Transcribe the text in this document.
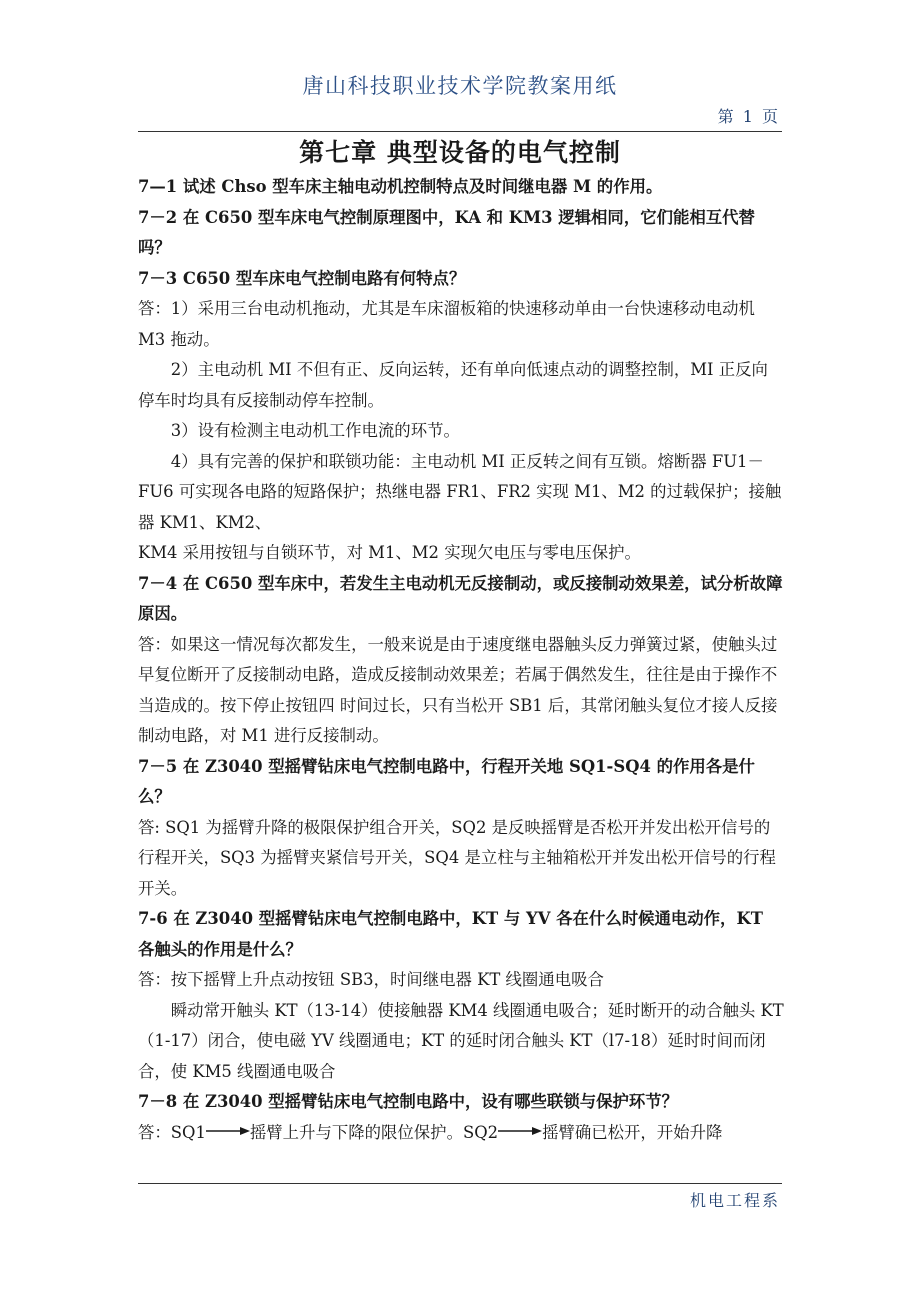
唐山科技职业技术学院教案用纸
第 1 页
第七章 典型设备的电气控制

7—1 试述 Chso 型车床主轴电动机控制特点及时间继电器 M 的作用。

7－2 在 C650 型车床电气控制原理图中，KA 和 KM3 逻辑相同，它们能相互代替吗？

7－3 C650 型车床电气控制电路有何特点？

答：1）采用三台电动机拖动，尤其是车床溜板箱的快速移动单由一台快速移动电动机 M3 拖动。

2）主电动机 MI 不但有正、反向运转，还有单向低速点动的调整控制，MI 正反向停车时均具有反接制动停车控制。

3）设有检测主电动机工作电流的环节。

4）具有完善的保护和联锁功能：主电动机 MI 正反转之间有互锁。熔断器 FU1－FU6 可实现各电路的短路保护；热继电器 FR1、FR2 实现 M1、M2 的过载保护；接触器 KM1、KM2、

KM4 采用按钮与自锁环节，对 M1、M2 实现欠电压与零电压保护。

7－4 在 C650 型车床中，若发生主电动机无反接制动，或反接制动效果差，试分析故障原因。

答：如果这一情况每次都发生，一般来说是由于速度继电器触头反力弹簧过紧，使触头过早复位断开了反接制动电路，造成反接制动效果差；若属于偶然发生，往往是由于操作不当造成的。按下停止按钮四 时间过长，只有当松开 SB1 后，其常闭触头复位才接人反接制动电路，对 M1 进行反接制动。

7－5 在 Z3040 型摇臂钻床电气控制电路中，行程开关地 SQ1-SQ4 的作用各是什么？

答: SQ1 为摇臂升降的极限保护组合开关，SQ2 是反映摇臂是否松开并发出松开信号的行程开关，SQ3 为摇臂夹紧信号开关，SQ4 是立柱与主轴箱松开并发出松开信号的行程开关。

7-6 在 Z3040 型摇臂钻床电气控制电路中，KT 与 YV 各在什么时候通电动作，KT 各触头的作用是什么？

答：按下摇臂上升点动按钮 SB3，时间继电器 KT 线圈通电吸合

瞬动常开触头 KT（13-14）使接触器 KM4 线圈通电吸合；延时断开的动合触头 KT（1-17）闭合，使电磁 YV 线圈通电；KT 的延时闭合触头 KT（l7-18）延时时间而闭合，使 KM5 线圈通电吸合

7－8 在 Z3040 型摇臂钻床电气控制电路中，设有哪些联锁与保护环节？

答：SQ1	摇臂上升与下降的限位保护。SQ2	摇臂确已松开，开始升降

机电工程系
